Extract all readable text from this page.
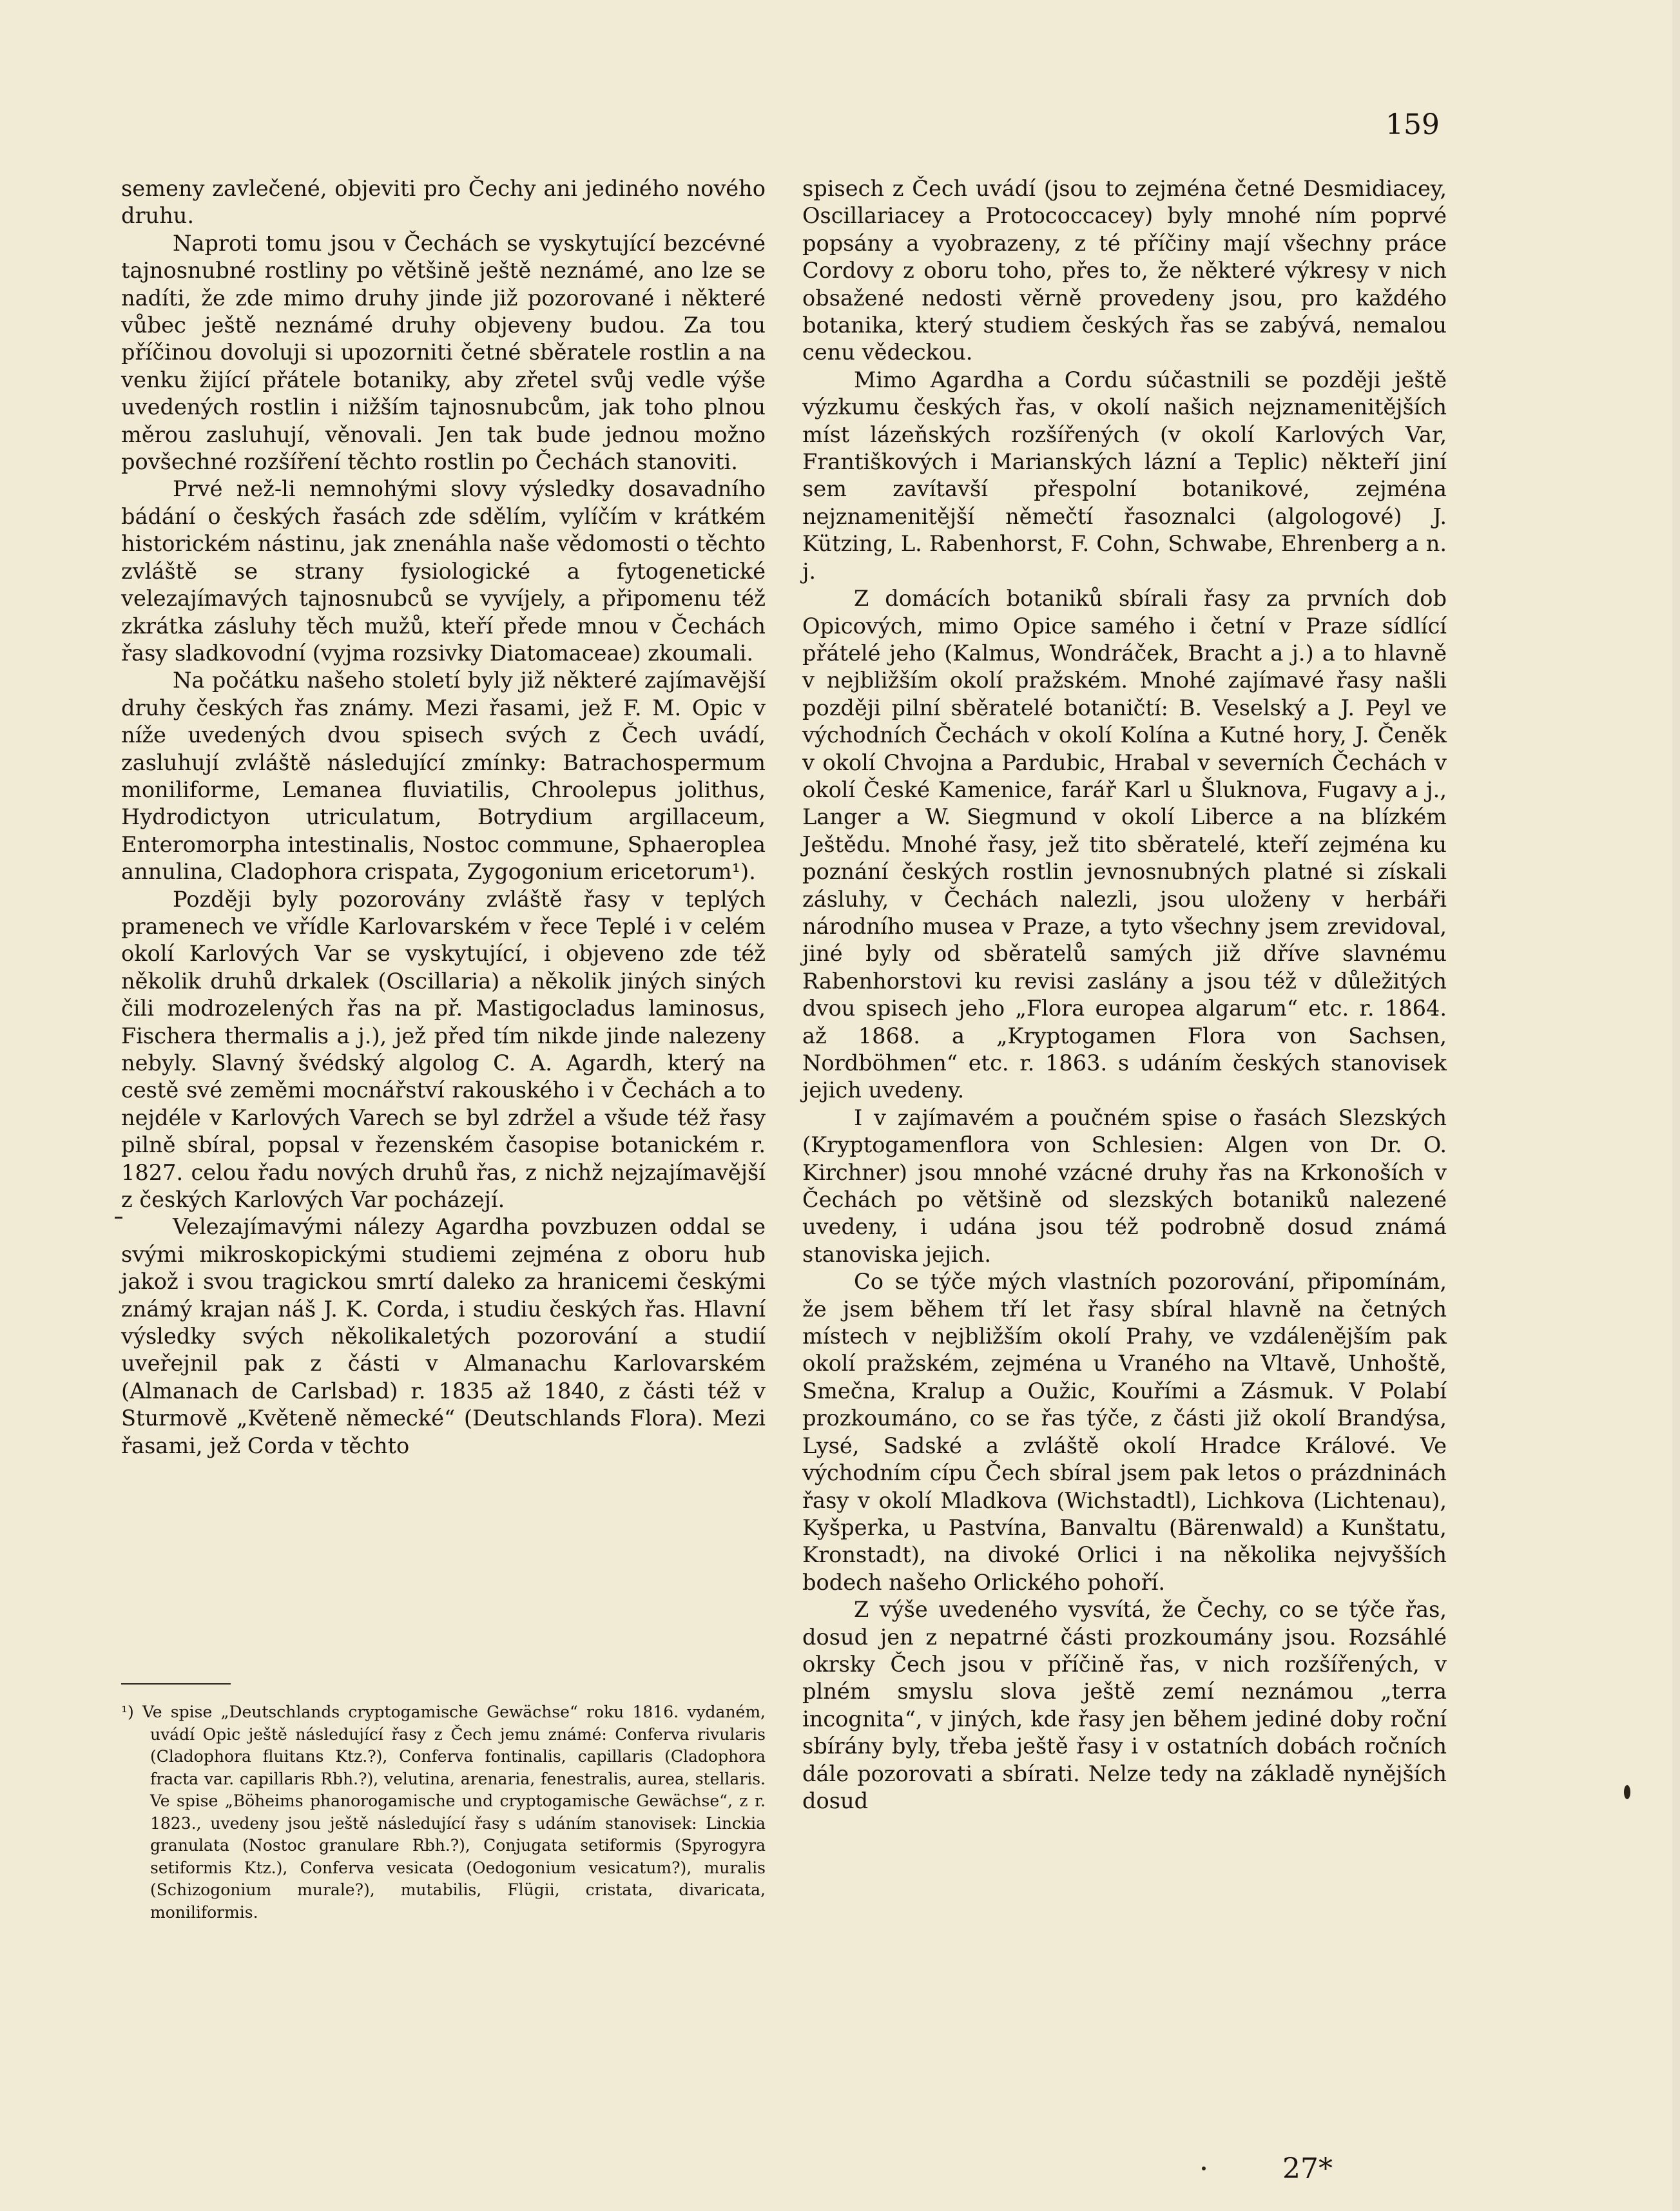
159

semeny zavlečené, objeviti pro Čechy ani jediného nového druhu.

Naproti tomu jsou v Čechách se vyskytující bezcévné tajnosnubné rostliny po většině ještě neznámé, ano lze se nadíti, že zde mimo druhy jinde již pozorované i některé vůbec ještě neznámé druhy objeveny budou. Za tou příčinou dovoluji si upozorniti četné sběratele rostlin a na venku žijící přátele botaniky, aby zřetel svůj vedle výše uvedených rostlin i nižším tajnosnubcům, jak toho plnou měrou zasluhují, věnovali. Jen tak bude jednou možno povšechné rozšíření těchto rostlin po Čechách stanoviti.

Prvé než-li nemnohými slovy výsledky dosavadního bádání o českých řasách zde sdělím, vylíčím v krátkém historickém nástinu, jak znenáhla naše vědomosti o těchto zvláště se strany fysiologické a fytogenetické velezajímavých tajnosnubců se vyvíjely, a připomenu též zkrátka zásluhy těch mužů, kteří přede mnou v Čechách řasy sladkovodní (vyjma rozsivky Diatomaceae) zkoumali.

Na počátku našeho století byly již některé zajímavější druhy českých řas známy. Mezi řasami, jež F. M. Opic v níže uvedených dvou spisech svých z Čech uvádí, zasluhují zvláště následující zmínky: Batrachospermum moniliforme, Lemanea fluviatilis, Chroolepus jolithus, Hydrodictyon utriculatum, Botrydium argillaceum, Enteromorpha intestinalis, Nostoc commune, Sphaeroplea annulina, Cladophora crispata, Zygogonium ericetorum¹).

Později byly pozorovány zvláště řasy v teplých pramenech ve vřídle Karlovarském v řece Teplé i v celém okolí Karlových Var se vyskytující, i objeveno zde též několik druhů drkalek (Oscillaria) a několik jiných siných čili modrozelených řas na př. Mastigocladus laminosus, Fischera thermalis a j.), jež před tím nikde jinde nalezeny nebyly. Slavný švédský algolog C. A. Agardh, který na cestě své zeměmi mocnářství rakouského i v Čechách a to nejdéle v Karlových Varech se byl zdržel a všude též řasy pilně sbíral, popsal v řezenském časopise botanickém r. 1827. celou řadu nových druhů řas, z nichž nejzajímavější z českých Karlových Var pocházejí.

Velezajímavými nálezy Agardha povzbuzen oddal se svými mikroskopickými studiemi zejména z oboru hub jakož i svou tragickou smrtí daleko za hranicemi českými známý krajan náš J. K. Corda, i studiu českých řas. Hlavní výsledky svých několikaletých pozorování a studií uveřejnil pak z části v Almanachu Karlovarském (Almanach de Carlsbad) r. 1835 až 1840, z části též v Sturmově „Květeně německé“ (Deutschlands Flora). Mezi řasami, jež Corda v těchto

¹) Ve spise „Deutschlands cryptogamische Gewächse“ roku 1816. vydaném, uvádí Opic ještě následující řasy z Čech jemu známé: Conferva rivularis (Cladophora fluitans Ktz.?), Conferva fontinalis, capillaris (Cladophora fracta var. capillaris Rbh.?), velutina, arenaria, fenestralis, aurea, stellaris. Ve spise „Böheims phanorogamische und cryptogamische Gewächse“, z r. 1823., uvedeny jsou ještě následující řasy s udáním stanovisek: Linckia granulata (Nostoc granulare Rbh.?), Conjugata setiformis (Spyrogyra setiformis Ktz.), Conferva vesicata (Oedogonium vesicatum?), muralis (Schizogonium murale?), mutabilis, Flügii, cristata, divaricata, moniliformis.

spisech z Čech uvádí (jsou to zejména četné Desmidiacey, Oscillariacey a Protococcacey) byly mnohé ním poprvé popsány a vyobrazeny, z té příčiny mají všechny práce Cordovy z oboru toho, přes to, že některé výkresy v nich obsažené nedosti věrně provedeny jsou, pro každého botanika, který studiem českých řas se zabývá, nemalou cenu vědeckou.

Mimo Agardha a Cordu súčastnili se později ještě výzkumu českých řas, v okolí našich nejznamenitějších míst lázeňských rozšířených (v okolí Karlových Var, Františkových i Marianských lázní a Teplic) někteří jiní sem zavítavší přespolní botanikové, zejména nejznamenitější němečtí řasoznalci (algologové) J. Kützing, L. Rabenhorst, F. Cohn, Schwabe, Ehrenberg a n. j.

Z domácích botaniků sbírali řasy za prvních dob Opicových, mimo Opice samého i četní v Praze sídlící přátelé jeho (Kalmus, Wondráček, Bracht a j.) a to hlavně v nejbližším okolí pražském. Mnohé zajímavé řasy našli později pilní sběratelé botaničtí: B. Veselský a J. Peyl ve východních Čechách v okolí Kolína a Kutné hory, J. Čeněk v okolí Chvojna a Pardubic, Hrabal v severních Čechách v okolí České Kamenice, farář Karl u Šluknova, Fugavy a j., Langer a W. Siegmund v okolí Liberce a na blízkém Ještědu. Mnohé řasy, jež tito sběratelé, kteří zejména ku poznání českých rostlin jevnosnubných platné si získali zásluhy, v Čechách nalezli, jsou uloženy v herbáři národního musea v Praze, a tyto všechny jsem zrevidoval, jiné byly od sběratelů samých již dříve slavnému Rabenhorstovi ku revisi zaslány a jsou též v důležitých dvou spisech jeho „Flora europea algarum“ etc. r. 1864. až 1868. a „Kryptogamen Flora von Sachsen, Nordböhmen“ etc. r. 1863. s udáním českých stanovisek jejich uvedeny.

I v zajímavém a poučném spise o řasách Slezských (Kryptogamenflora von Schlesien: Algen von Dr. O. Kirchner) jsou mnohé vzácné druhy řas na Krkonoších v Čechách po většině od slezských botaniků nalezené uvedeny, i udána jsou též podrobně dosud známá stanoviska jejich.

Co se týče mých vlastních pozorování, připomínám, že jsem během tří let řasy sbíral hlavně na četných místech v nejbližším okolí Prahy, ve vzdálenějším pak okolí pražském, zejména u Vraného na Vltavě, Unhoště, Smečna, Kralup a Oužic, Kouřími a Zásmuk. V Polabí prozkoumáno, co se řas týče, z části již okolí Brandýsa, Lysé, Sadské a zvláště okolí Hradce Králové. Ve východním cípu Čech sbíral jsem pak letos o prázdninách řasy v okolí Mladkova (Wichstadtl), Lichkova (Lichtenau), Kyšperka, u Pastvína, Banvaltu (Bärenwald) a Kunštatu, Kronstadt), na divoké Orlici i na několika nejvyšších bodech našeho Orlického pohoří.

Z výše uvedeného vysvítá, že Čechy, co se týče řas, dosud jen z nepatrné části prozkoumány jsou. Rozsáhlé okrsky Čech jsou v příčině řas, v nich rozšířených, v plném smyslu slova ještě zemí neznámou „terra incognita“, v jiných, kde řasy jen během jediné doby roční sbírány byly, třeba ještě řasy i v ostatních dobách ročních dále pozorovati a sbírati. Nelze tedy na základě nynějších dosud

27*
